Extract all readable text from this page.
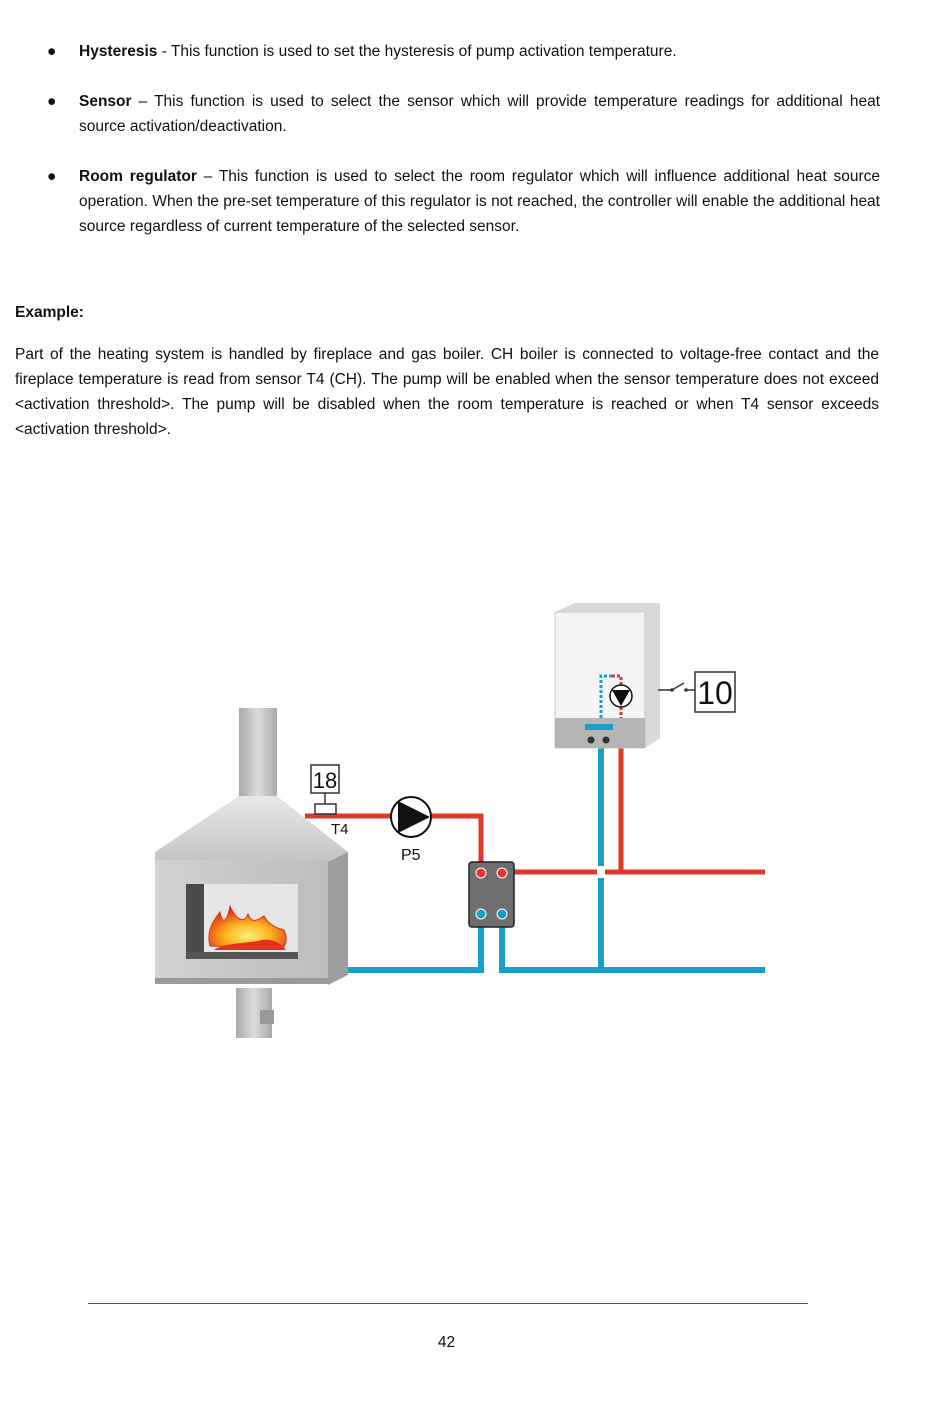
● Hysteresis - This function is used to set the hysteresis of pump activation temperature.
● Sensor – This function is used to select the sensor which will provide temperature readings for additional heat source activation/deactivation.
● Room regulator – This function is used to select the room regulator which will influence additional heat source operation. When the pre-set temperature of this regulator is not reached, the controller will enable the additional heat source regardless of current temperature of the selected sensor.

Example:

Part of the heating system is handled by fireplace and gas boiler. CH boiler is connected to voltage-free contact and the fireplace temperature is read from sensor T4 (CH). The pump will be enabled when the sensor temperature does not exceed <activation threshold>. The pump will be disabled when the room temperature is reached or when T4 sensor exceeds <activation threshold>.

18
T4
P5
10
42
